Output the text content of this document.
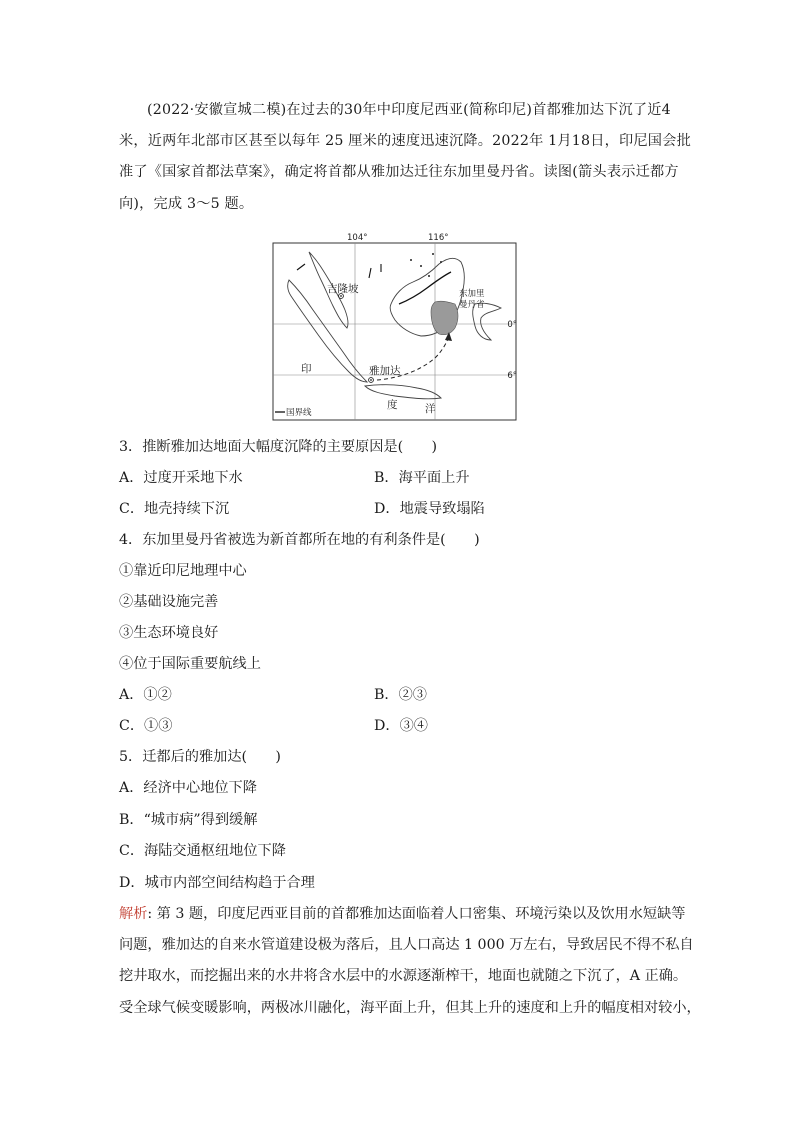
(2022·安徽宣城二模)在过去的30年中印度尼西亚(简称印尼)首都雅加达下沉了近4
米，近两年北部市区甚至以每年 25 厘米的速度迅速沉降。2022年 1月18日，印尼国会批
准了《国家首都法草案》，确定将首都从雅加达迁往东加里曼丹省。读图(箭头表示迁都方
向)，完成 3～5 题。
104°	116°
0°
6°
吉隆坡
雅加达
东加里
曼丹省
印
度	洋
国界线
3．推断雅加达地面大幅度沉降的主要原因是(　　)
A．过度开采地下水	B．海平面上升
C．地壳持续下沉	D．地震导致塌陷
4．东加里曼丹省被选为新首都所在地的有利条件是(　　)
①靠近印尼地理中心
②基础设施完善
③生态环境良好
④位于国际重要航线上
A．①②	B．②③
C．①③	D．③④
5．迁都后的雅加达(　　)
A．经济中心地位下降
B．“城市病”得到缓解
C．海陆交通枢纽地位下降
D．城市内部空间结构趋于合理
解析: 第 3 题，印度尼西亚目前的首都雅加达面临着人口密集、环境污染以及饮用水短缺等
问题，雅加达的自来水管道建设极为落后，且人口高达 1 000 万左右，导致居民不得不私自
挖井取水，而挖掘出来的水井将含水层中的水源逐渐榨干，地面也就随之下沉了，A 正确。
受全球气候变暖影响，两极冰川融化，海平面上升，但其上升的速度和上升的幅度相对较小，
